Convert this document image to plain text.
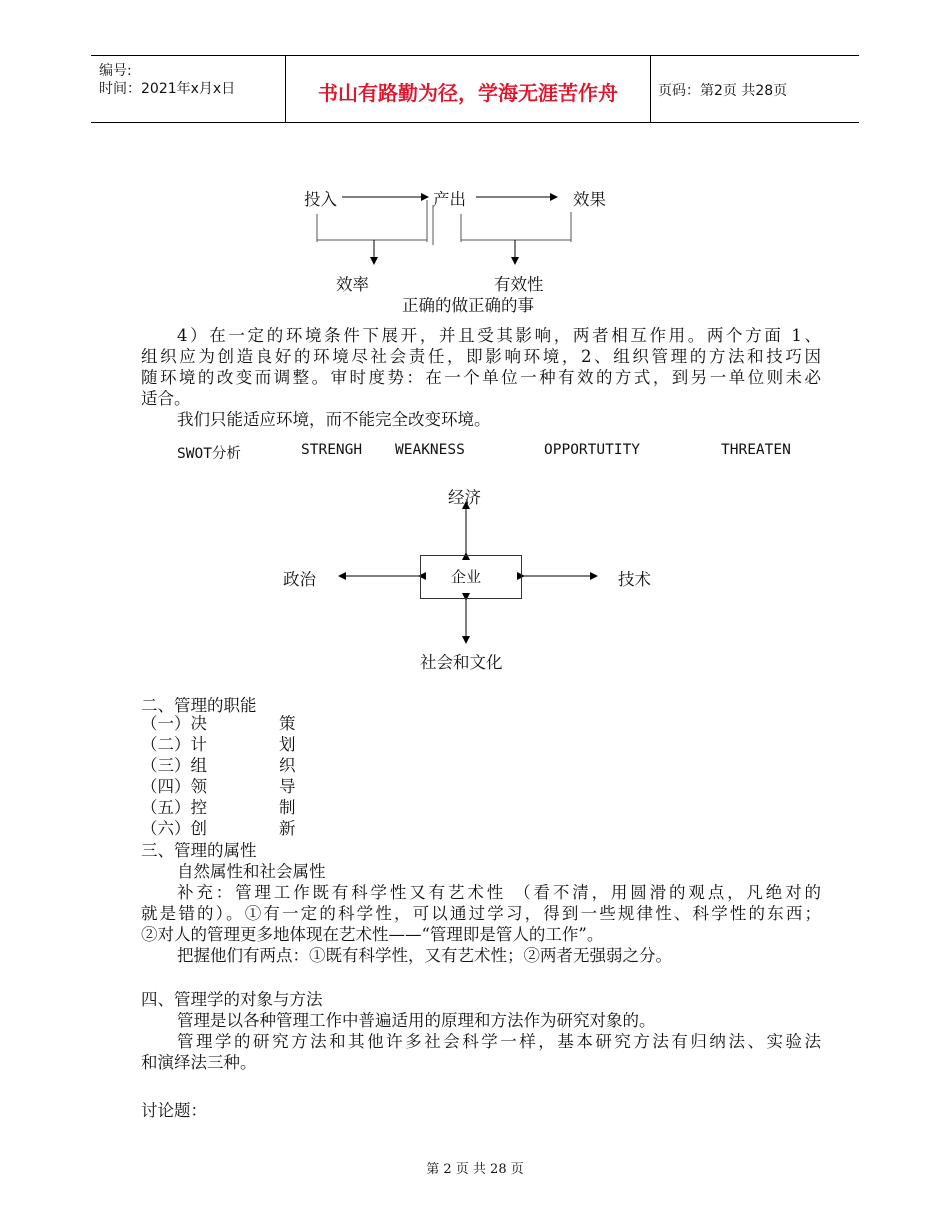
编号:
时间：2021年x月x日	书山有路勤为径，学海无涯苦作舟	页码：第2页 共28页
投入	产出	效果
效率	有效性
正确的做正确的事
4）在一定的环境条件下展开，并且受其影响，两者相互作用。两个方面 1、
组织应为创造良好的环境尽社会责任，即影响环境，2、组织管理的方法和技巧因
随环境的改变而调整。审时度势：在一个单位一种有效的方式，到另一单位则未必
适合。
我们只能适应环境，而不能完全改变环境。
SWOT分析	STRENGH WEAKNESS	OPPORTUTITY	THREATEN
经济
政治	企业	技术
社会和文化
二、管理的职能
（一）决	策
（二）计	划
（三）组	织
（四）领	导
（五）控	制
（六）创	新
三、管理的属性
自然属性和社会属性
补充：管理工作既有科学性又有艺术性 （看不清，用圆滑的观点，凡绝对的
就是错的）。①有一定的科学性，可以通过学习，得到一些规律性、科学性的东西；
②对人的管理更多地体现在艺术性——“管理即是管人的工作”。
把握他们有两点：①既有科学性，又有艺术性；②两者无强弱之分。
四、管理学的对象与方法
管理是以各种管理工作中普遍适用的原理和方法作为研究对象的。
管理学的研究方法和其他许多社会科学一样，基本研究方法有归纳法、实验法
和演绎法三种。
讨论题：
第 2 页 共 28 页
